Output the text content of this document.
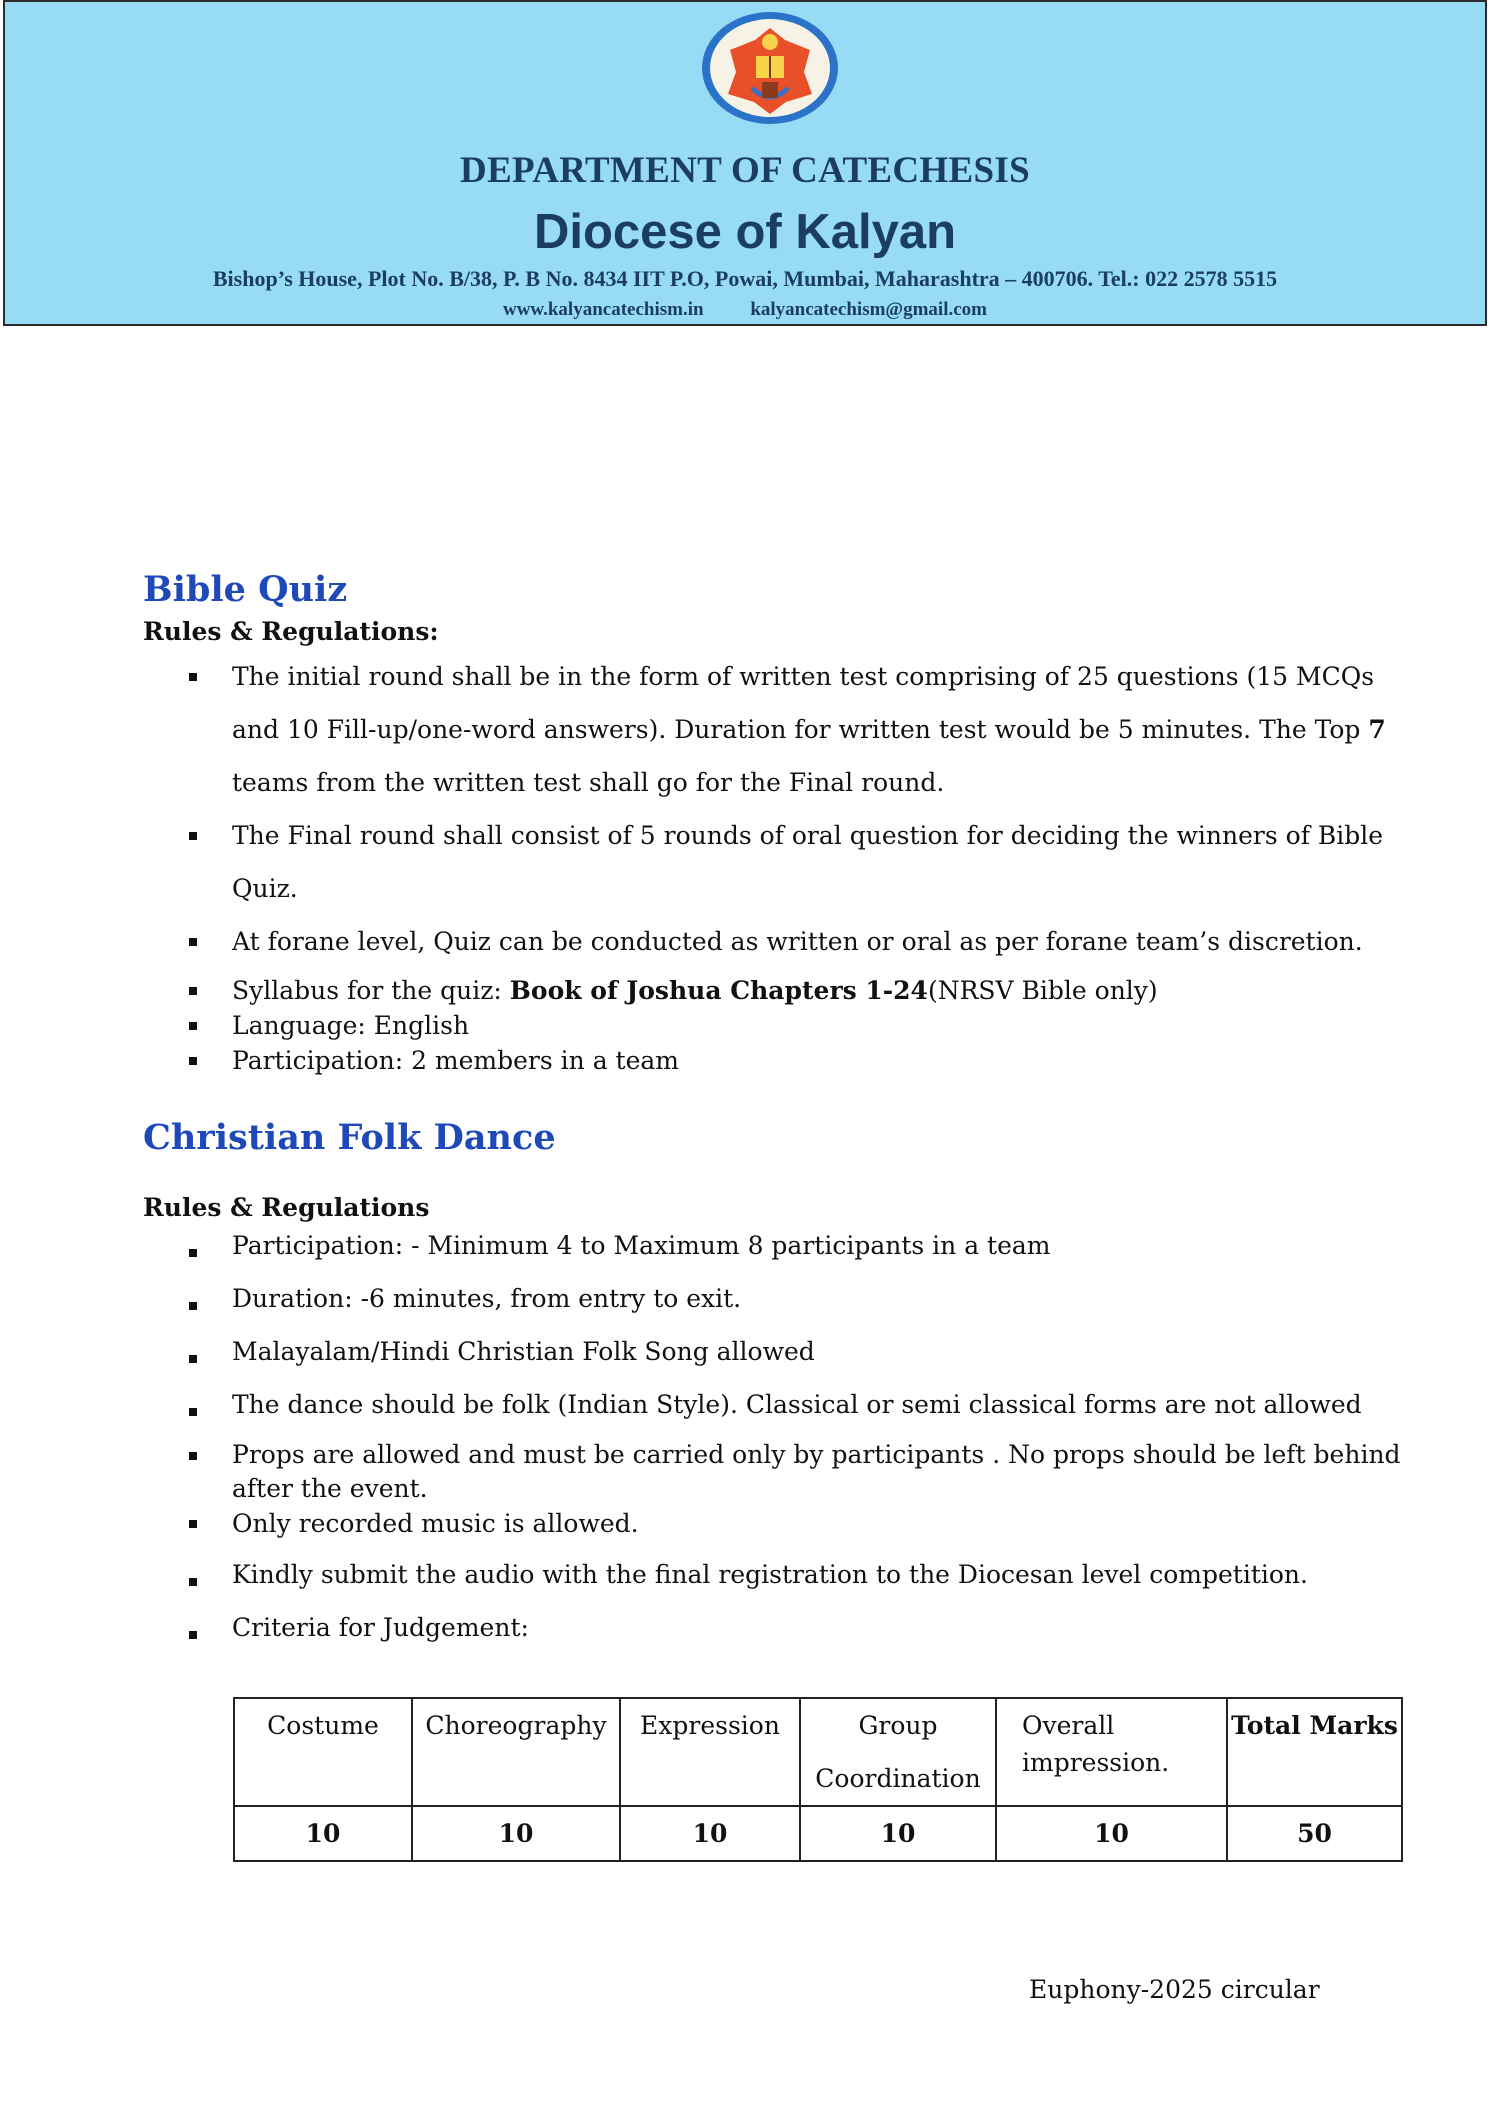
DEPARTMENT OF CATECHESIS
Diocese of Kalyan
Bishop’s House, Plot No. B/38, P. B No. 8434 IIT P.O, Powai, Mumbai, Maharashtra – 400706. Tel.: 022 2578 5515
www.kalyancatechism.in kalyancatechism@gmail.com
Bible Quiz
Rules & Regulations:
The initial round shall be in the form of written test comprising of 25 questions (15 MCQs and 10 Fill-up/one-word answers). Duration for written test would be 5 minutes. The Top 7 teams from the written test shall go for the Final round.
The Final round shall consist of 5 rounds of oral question for deciding the winners of Bible Quiz.
At forane level, Quiz can be conducted as written or oral as per forane team’s discretion.
Syllabus for the quiz: Book of Joshua Chapters 1-24(NRSV Bible only)
Language: English
Participation: 2 members in a team
Christian Folk Dance
Rules & Regulations
Participation: - Minimum 4 to Maximum 8 participants in a team
Duration: -6 minutes, from entry to exit.
Malayalam/Hindi Christian Folk Song allowed
The dance should be folk (Indian Style). Classical or semi classical forms are not allowed
Props are allowed and must be carried only by participants . No props should be left behind after the event.
Only recorded music is allowed.
Kindly submit the audio with the final registration to the Diocesan level competition.
Criteria for Judgement:
Costume	Choreography	Expression	Group Coordination	Overall impression.	Total Marks

10	10	10	10	10	50
Euphony-2025 circular
